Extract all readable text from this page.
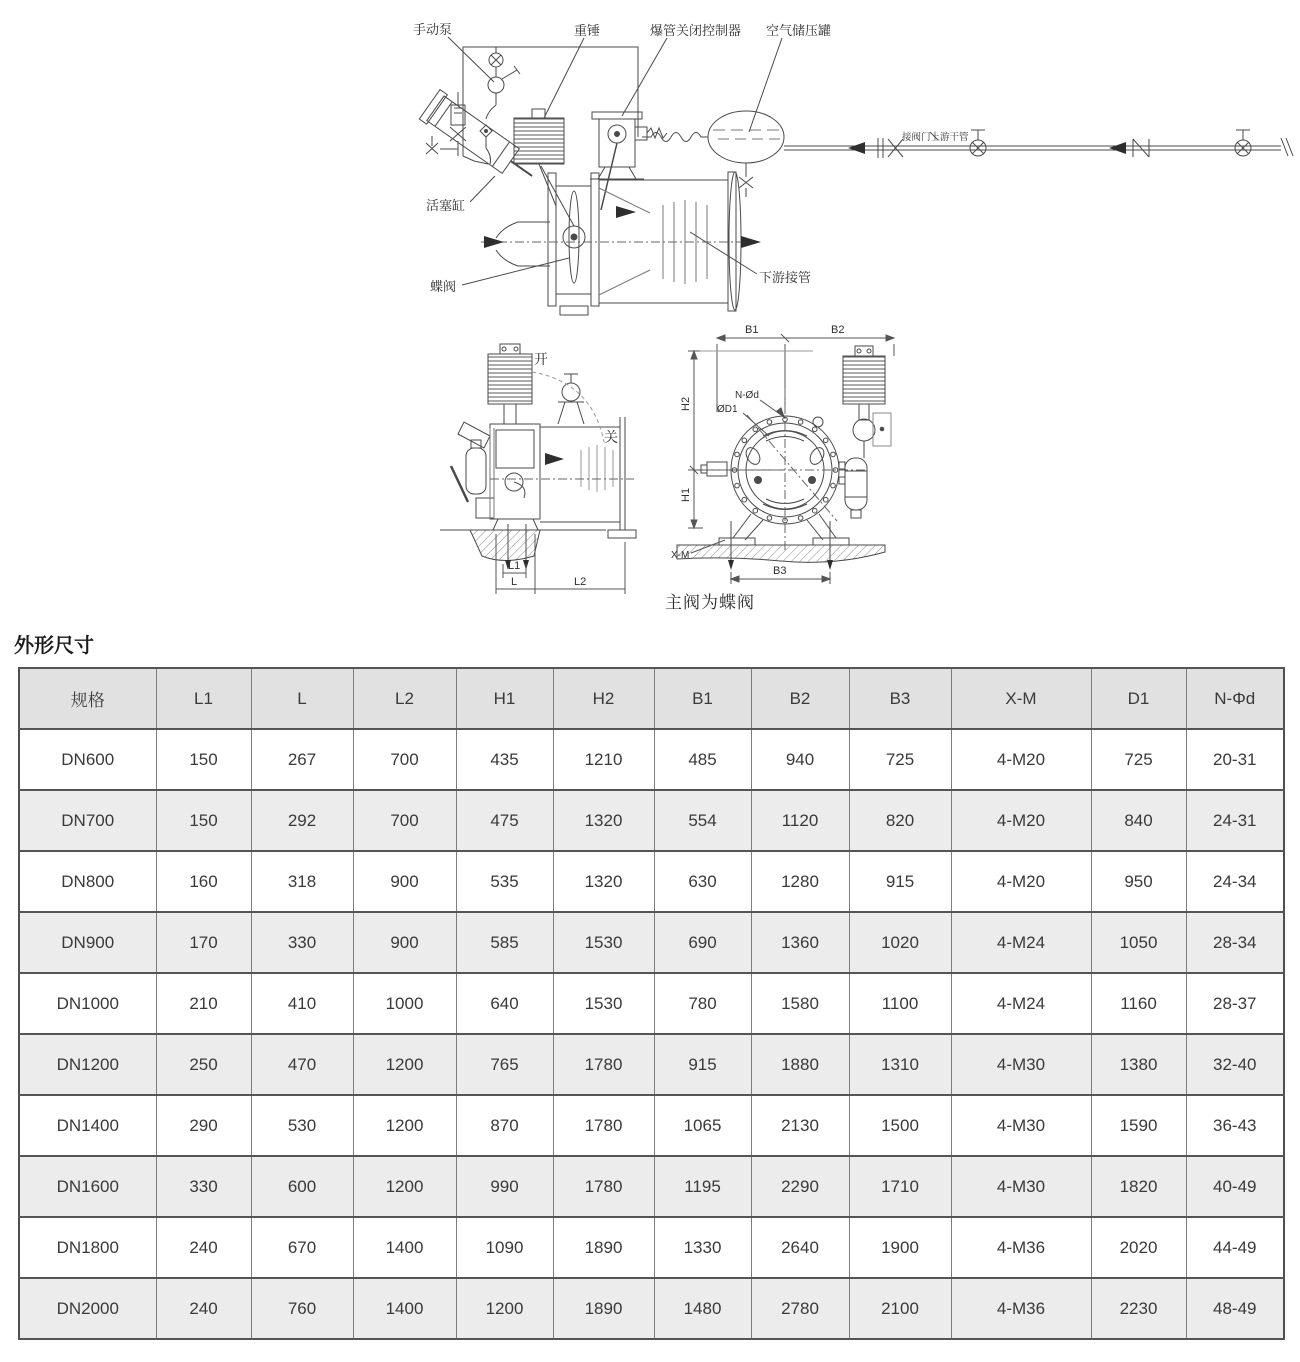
手动泵	重锤	爆管关闭控制器 空气储压罐
接阀门上游干管
活塞缸
蝶阀
下游接管
开
关
L1
L	L2
B1	B2
H2
H1
N-Ød
ØD1
X-M
B3
主阀为蝶阀
外形尺寸
规格	L1	L	L2	H1	H2	B1	B2	B3	X-M	D1	N-Φd
DN600	150	267	700	435	1210	485	940	725	4-M20	725	20-31
DN700	150	292	700	475	1320	554	1120	820	4-M20	840	24-31
DN800	160	318	900	535	1320	630	1280	915	4-M20	950	24-34
DN900	170	330	900	585	1530	690	1360	1020	4-M24	1050	28-34
DN1000	210	410	1000	640	1530	780	1580	1100	4-M24	1160	28-37
DN1200	250	470	1200	765	1780	915	1880	1310	4-M30	1380	32-40
DN1400	290	530	1200	870	1780	1065	2130	1500	4-M30	1590	36-43
DN1600	330	600	1200	990	1780	1195	2290	1710	4-M30	1820	40-49
DN1800	240	670	1400	1090	1890	1330	2640	1900	4-M36	2020	44-49
DN2000	240	760	1400	1200	1890	1480	2780	2100	4-M36	2230	48-49
